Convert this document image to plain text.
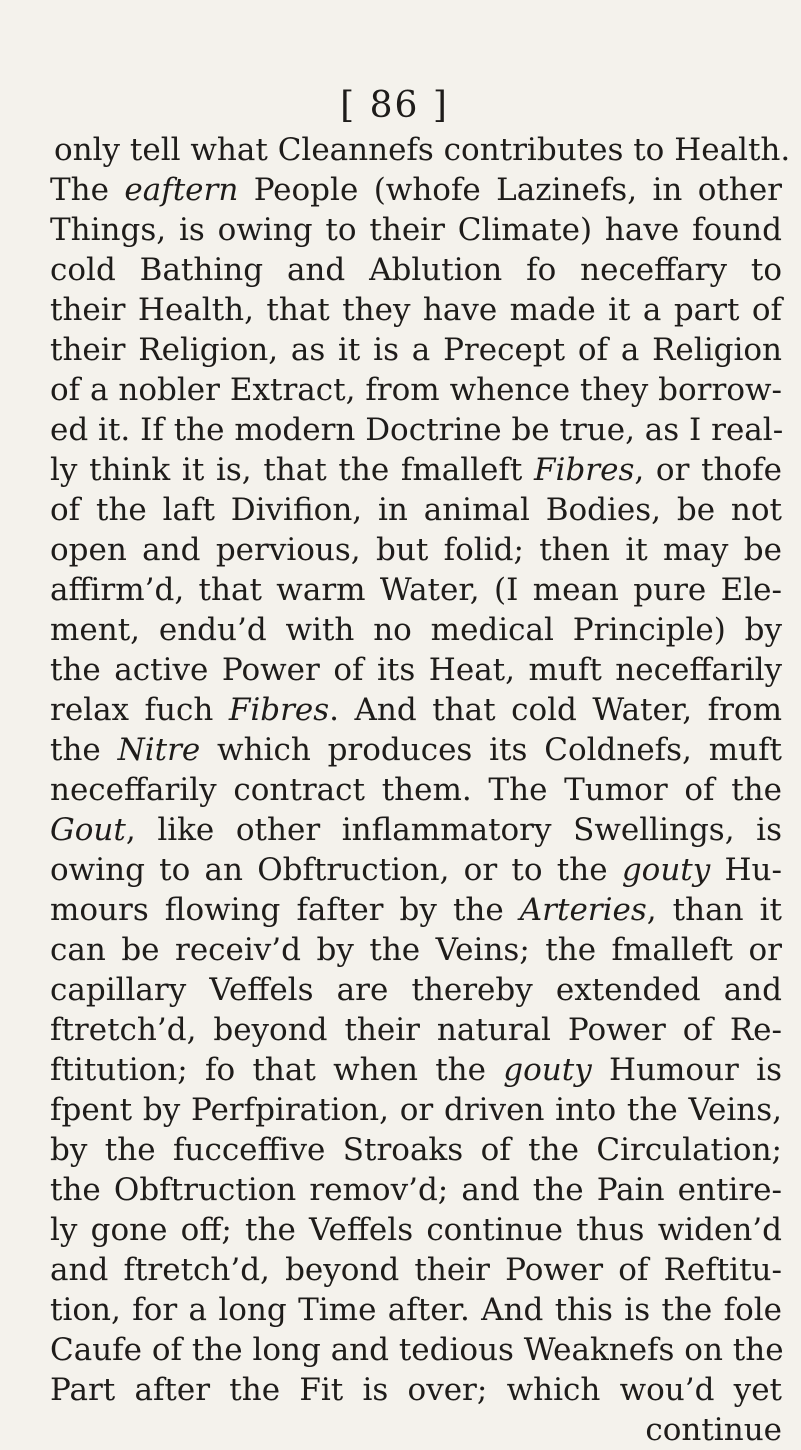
[ 86 ]
only tell what Cleannefs contributes to Health.
The eaftern People (whofe Lazinefs, in other
Things, is owing to their Climate) have found
cold Bathing and Ablution fo neceffary to
their Health, that they have made it a part of
their Religion, as it is a Precept of a Religion
of a nobler Extract, from whence they borrow-
ed it. If the modern Doctrine be true, as I real-
ly think it is, that the fmalleft Fibres, or thofe
of the laft Divifion, in animal Bodies, be not
open and pervious, but folid; then it may be
affirm’d, that warm Water, (I mean pure Ele-
ment, endu’d with no medical Principle) by
the active Power of its Heat, muft neceffarily
relax fuch Fibres. And that cold Water, from
the Nitre which produces its Coldnefs, muft
neceffarily contract them. The Tumor of the
Gout, like other inflammatory Swellings, is
owing to an Obftruction, or to the gouty Hu-
mours flowing fafter by the Arteries, than it
can be receiv’d by the Veins; the fmalleft or
capillary Veffels are thereby extended and
ftretch’d, beyond their natural Power of Re-
ftitution; fo that when the gouty Humour is
fpent by Perfpiration, or driven into the Veins,
by the fucceffive Stroaks of the Circulation;
the Obftruction remov’d; and the Pain entire-
ly gone off; the Veffels continue thus widen’d
and ftretch’d, beyond their Power of Reftitu-
tion, for a long Time after. And this is the fole
Caufe of the long and tedious Weaknefs on the
Part after the Fit is over; which wou’d yet
continue
